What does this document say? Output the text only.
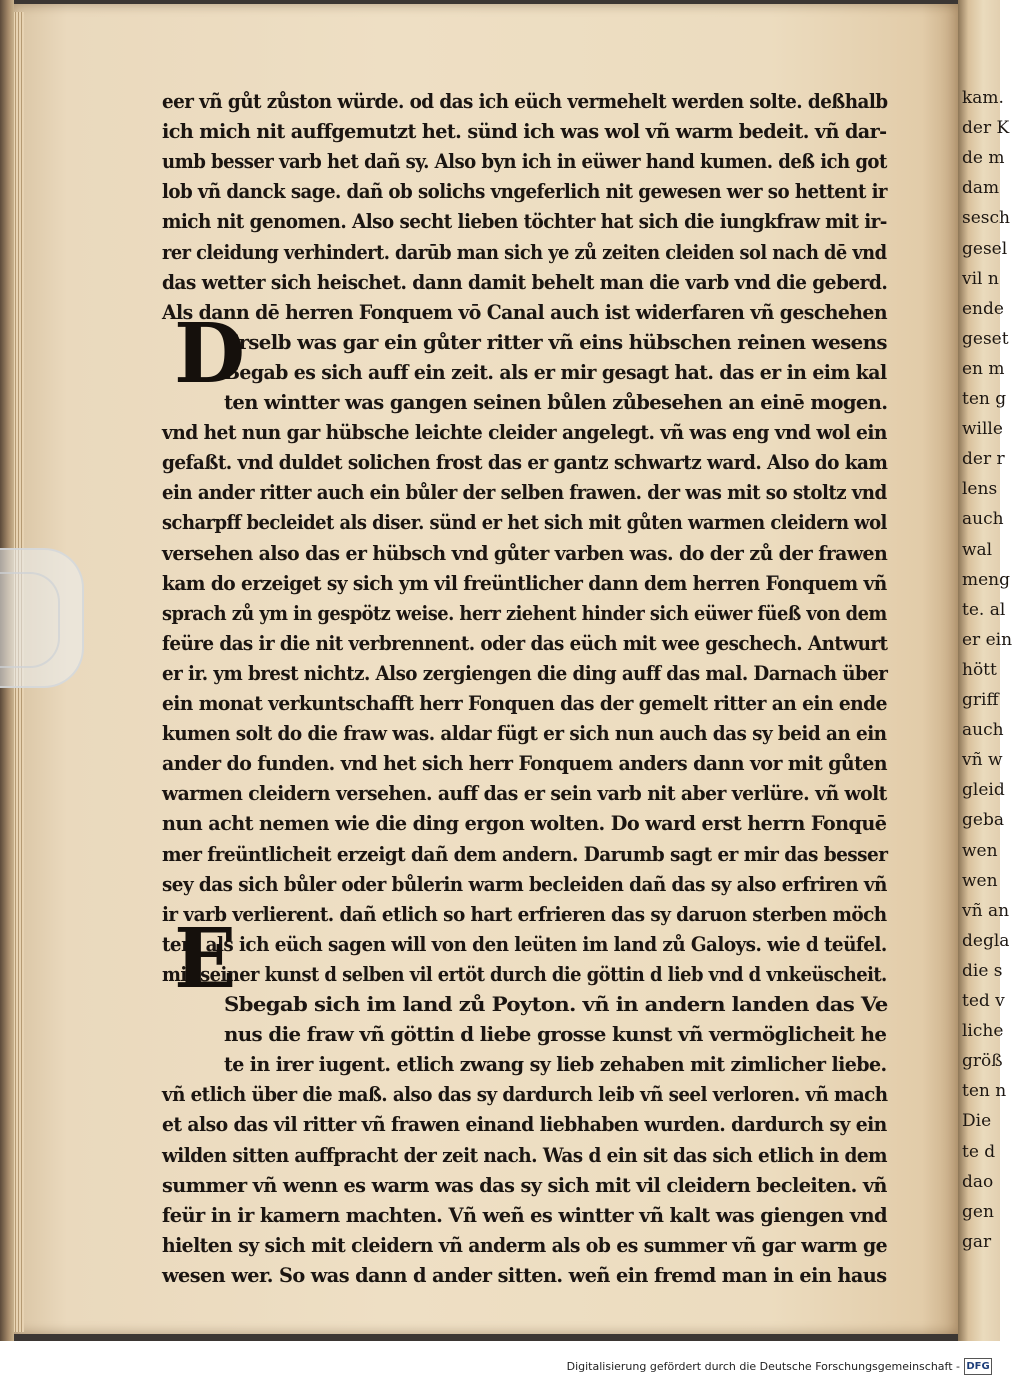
eer vñ gůt zůston würde. od das ich eüch vermehelt werden solte. deßhalb
ich mich nit auffgemutzt het. sünd ich was wol vñ warm bedeit. vñ dar-
umb besser varb het dañ sy. Also byn ich in eüwer hand kumen. deß ich got
lob vñ danck sage. dañ ob solichs vngeferlich nit gewesen wer so hettent ir
mich nit genomen. Also secht lieben töchter hat sich die iungkfraw mit ir-
rer cleidung verhindert. darūb man sich ye zů zeiten cleiden sol nach dē vnd
das wetter sich heischet. dann damit behelt man die varb vnd die geberd.
Als dann dē herren Fonquem vō Canal auch ist widerfaren vñ geschehen
Erselb was gar ein gůter ritter vñ eins hübschen reinen wesens
Begab es sich auff ein zeit. als er mir gesagt hat. das er in eim kal
ten wintter was gangen seinen bůlen zůbesehen an einē mogen.
vnd het nun gar hübsche leichte cleider angelegt. vñ was eng vnd wol ein
gefaßt. vnd duldet solichen frost das er gantz schwartz ward. Also do kam
ein ander ritter auch ein bůler der selben frawen. der was mit so stoltz vnd
scharpff becleidet als diser. sünd er het sich mit gůten warmen cleidern wol
versehen also das er hübsch vnd gůter varben was. do der zů der frawen
kam do erzeiget sy sich ym vil freüntlicher dann dem herren Fonquem vñ
sprach zů ym in gespötz weise. herr ziehent hinder sich eüwer füeß von dem
feüre das ir die nit verbrennent. oder das eüch mit wee geschech. Antwurt
er ir. ym brest nichtz. Also zergiengen die ding auff das mal. Darnach über
ein monat verkuntschafft herr Fonquen das der gemelt ritter an ein ende
kumen solt do die fraw was. aldar fügt er sich nun auch das sy beid an ein
ander do funden. vnd het sich herr Fonquem anders dann vor mit gůten
warmen cleidern versehen. auff das er sein varb nit aber verlüre. vñ wolt
nun acht nemen wie die ding ergon wolten. Do ward erst herrn Fonquē
mer freüntlicheit erzeigt dañ dem andern. Darumb sagt er mir das besser
sey das sich bůler oder bůlerin warm becleiden dañ das sy also erfriren vñ
ir varb verlierent. dañ etlich so hart erfrieren das sy daruon sterben möch
ten. als ich eüch sagen will von den leüten im land zů Galoys. wie d teüfel.
mit seiner kunst d selben vil ertöt durch die göttin d lieb vnd d vnkeüscheit.
Sbegab sich im land zů Poyton. vñ in andern landen das Ve
nus die fraw vñ göttin d liebe grosse kunst vñ vermöglicheit he
te in irer iugent. etlich zwang sy lieb zehaben mit zimlicher liebe.
vñ etlich über die maß. also das sy dardurch leib vñ seel verloren. vñ mach
et also das vil ritter vñ frawen einand liebhaben wurden. dardurch sy ein
wilden sitten auffpracht der zeit nach. Was d ein sit das sich etlich in dem
summer vñ wenn es warm was das sy sich mit vil cleidern becleiten. vñ
feür in ir kamern machten. Vñ weñ es wintter vñ kalt was giengen vnd
hielten sy sich mit cleidern vñ anderm als ob es summer vñ gar warm ge
wesen wer. So was dann d ander sitten. weñ ein fremd man in ein haus
D
E
kam.
der K
de m
dam
sesch
gesel
vil n
ende
geset
en m
ten g
wille
der r
lens
auch
wal
meng
te. al
er ein
hött
griff
auch
vñ w
gleid
geba
wen
wen
vñ an
degla
die s
ted v
liche
größ
ten n
Die
te d
dao
gen
gar
Digitalisierung gefördert durch die Deutsche Forschungsgemeinschaft - DFG
